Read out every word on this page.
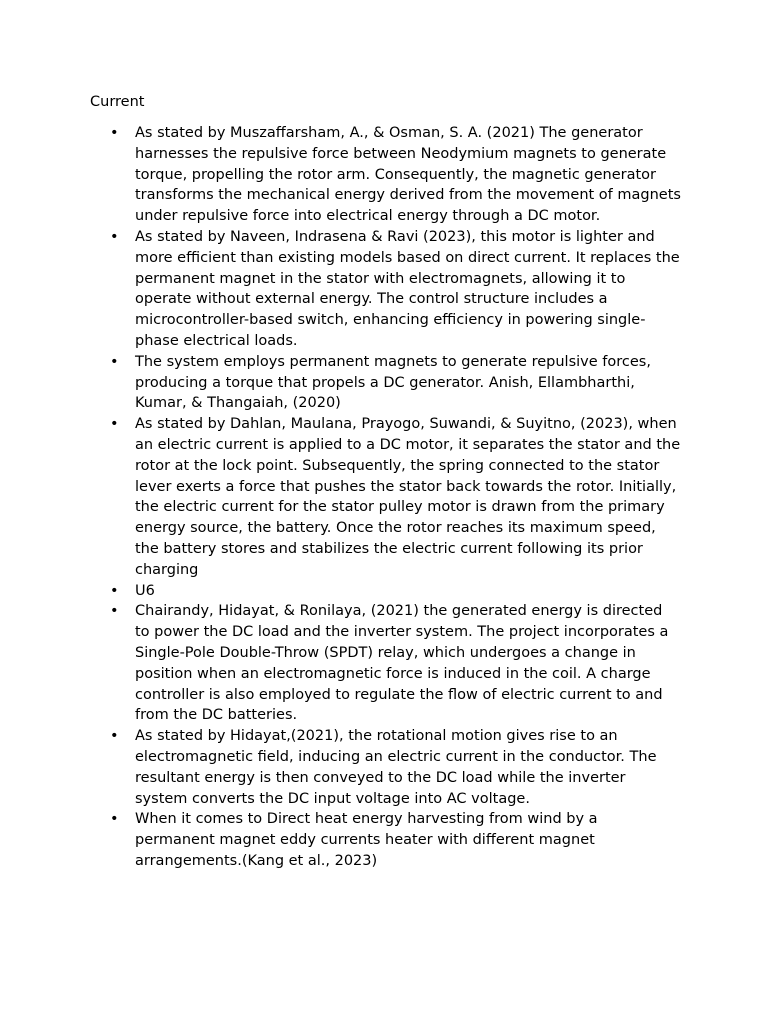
Current

• As stated by Muszaffarsham, A., & Osman, S. A. (2021) The generator harnesses the repulsive force between Neodymium magnets to generate torque, propelling the rotor arm. Consequently, the magnetic generator transforms the mechanical energy derived from the movement of magnets under repulsive force into electrical energy through a DC motor.
• As stated by Naveen, Indrasena & Ravi (2023), this motor is lighter and more efficient than existing models based on direct current. It replaces the permanent magnet in the stator with electromagnets, allowing it to operate without external energy. The control structure includes a microcontroller-based switch, enhancing efficiency in powering single-phase electrical loads.
• The system employs permanent magnets to generate repulsive forces, producing a torque that propels a DC generator. Anish, Ellambharthi, Kumar, & Thangaiah, (2020)
• As stated by Dahlan, Maulana, Prayogo, Suwandi, & Suyitno, (2023), when an electric current is applied to a DC motor, it separates the stator and the rotor at the lock point. Subsequently, the spring connected to the stator lever exerts a force that pushes the stator back towards the rotor. Initially, the electric current for the stator pulley motor is drawn from the primary energy source, the battery. Once the rotor reaches its maximum speed, the battery stores and stabilizes the electric current following its prior charging
• U6
• Chairandy, Hidayat, & Ronilaya, (2021) the generated energy is directed to power the DC load and the inverter system. The project incorporates a Single-Pole Double-Throw (SPDT) relay, which undergoes a change in position when an electromagnetic force is induced in the coil. A charge controller is also employed to regulate the flow of electric current to and from the DC batteries.
• As stated by Hidayat,(2021), the rotational motion gives rise to an electromagnetic field, inducing an electric current in the conductor. The resultant energy is then conveyed to the DC load while the inverter system converts the DC input voltage into AC voltage.
• When it comes to Direct heat energy harvesting from wind by a permanent magnet eddy currents heater with different magnet arrangements.(Kang et al., 2023)
